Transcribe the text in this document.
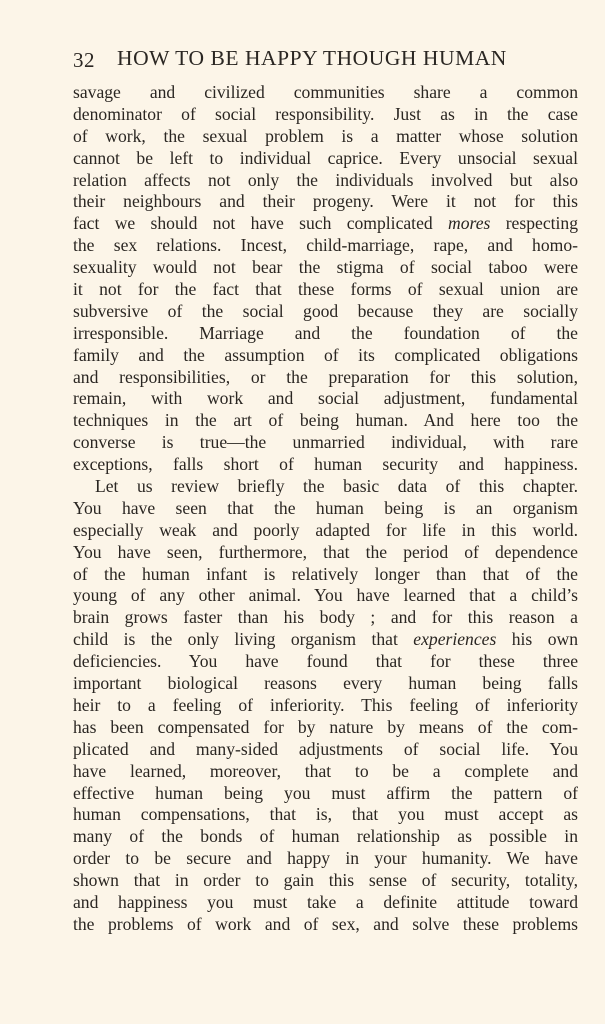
32 HOW TO BE HAPPY THOUGH HUMAN
savage and civilized communities share a common
denominator of social responsibility. Just as in the case
of work, the sexual problem is a matter whose solution
cannot be left to individual caprice. Every unsocial sexual
relation affects not only the individuals involved but also
their neighbours and their progeny. Were it not for this
fact we should not have such complicated mores respecting
the sex relations. Incest, child-marriage, rape, and homo-
sexuality would not bear the stigma of social taboo were
it not for the fact that these forms of sexual union are
subversive of the social good because they are socially
irresponsible. Marriage and the foundation of the
family and the assumption of its complicated obligations
and responsibilities, or the preparation for this solution,
remain, with work and social adjustment, fundamental
techniques in the art of being human. And here too the
converse is true—the unmarried individual, with rare
exceptions, falls short of human security and happiness.
Let us review briefly the basic data of this chapter.
You have seen that the human being is an organism
especially weak and poorly adapted for life in this world.
You have seen, furthermore, that the period of dependence
of the human infant is relatively longer than that of the
young of any other animal. You have learned that a child’s
brain grows faster than his body ; and for this reason a
child is the only living organism that experiences his own
deficiencies. You have found that for these three
important biological reasons every human being falls
heir to a feeling of inferiority. This feeling of inferiority
has been compensated for by nature by means of the com-
plicated and many-sided adjustments of social life. You
have learned, moreover, that to be a complete and
effective human being you must affirm the pattern of
human compensations, that is, that you must accept as
many of the bonds of human relationship as possible in
order to be secure and happy in your humanity. We have
shown that in order to gain this sense of security, totality,
and happiness you must take a definite attitude toward
the problems of work and of sex, and solve these problems
